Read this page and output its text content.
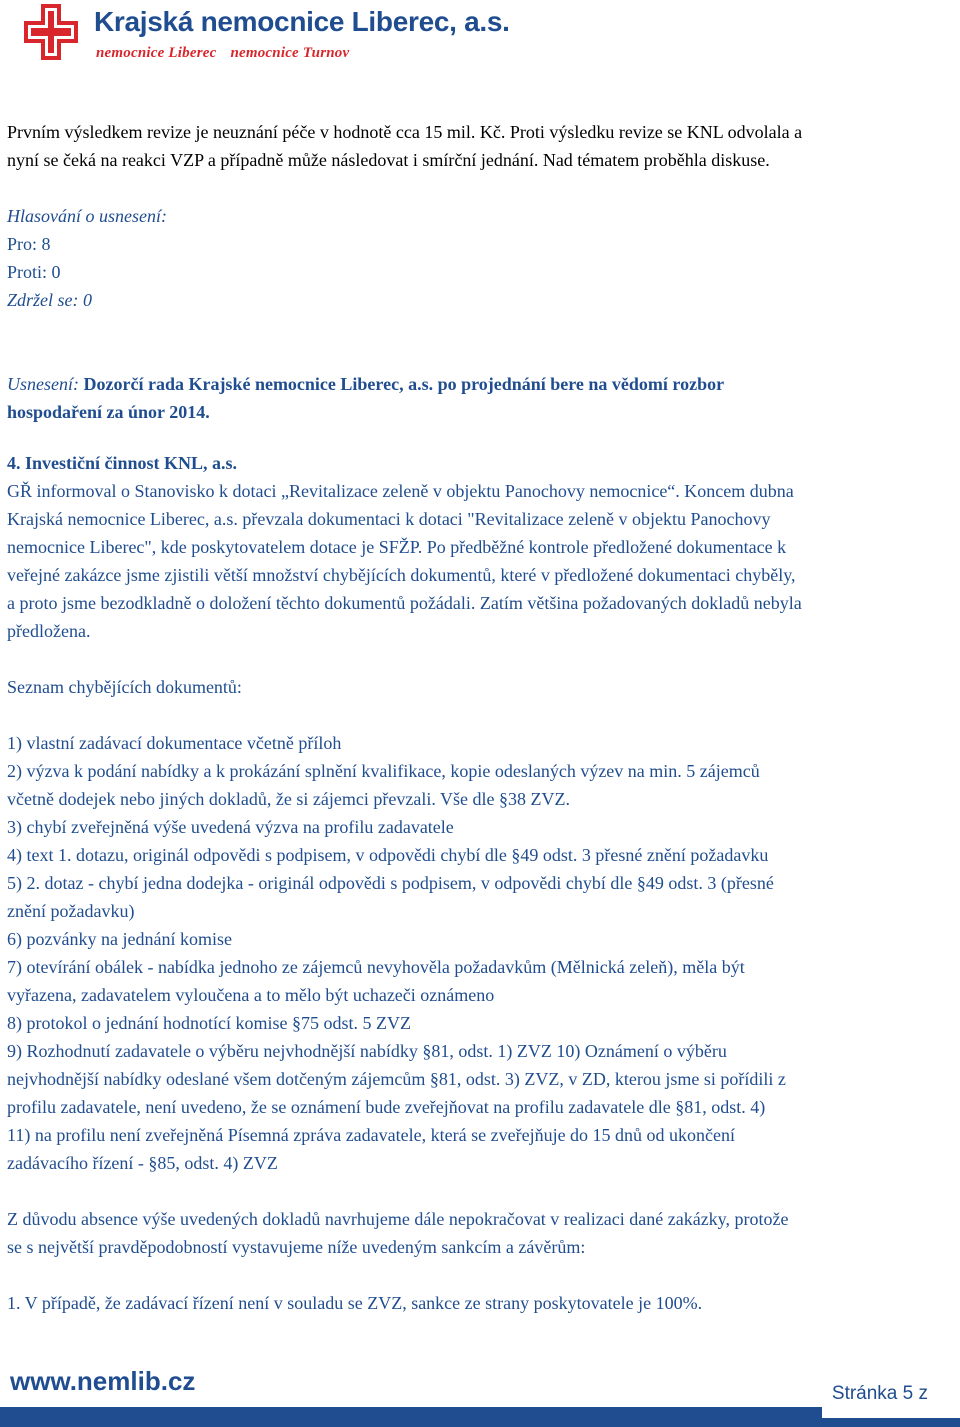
Krajská nemocnice Liberec, a.s.
nemocnice Liberec nemocnice Turnov

Prvním výsledkem revize je neuznání péče v hodnotě cca 15 mil. Kč. Proti výsledku revize se KNL odvolala a

nyní se čeká na reakci VZP a případně může následovat i smírční jednání. Nad tématem proběhla diskuse.

Hlasování o usnesení:

Pro: 8

Proti: 0

Zdržel se: 0

Usnesení: Dozorčí rada Krajské nemocnice Liberec, a.s. po projednání bere na vědomí rozbor

hospodaření za únor 2014.

4. Investiční činnost KNL, a.s.

GŘ informoval o Stanovisko k dotaci „Revitalizace zeleně v objektu Panochovy nemocnice“. Koncem dubna

Krajská nemocnice Liberec, a.s. převzala dokumentaci k dotaci "Revitalizace zeleně v objektu Panochovy

nemocnice Liberec", kde poskytovatelem dotace je SFŽP. Po předběžné kontrole předložené dokumentace k

veřejné zakázce jsme zjistili větší množství chybějících dokumentů, které v předložené dokumentaci chyběly,

a proto jsme bezodkladně o doložení těchto dokumentů požádali. Zatím většina požadovaných dokladů nebyla

předložena.

Seznam chybějících dokumentů:

1) vlastní zadávací dokumentace včetně příloh

2) výzva k podání nabídky a k prokázání splnění kvalifikace, kopie odeslaných výzev na min. 5 zájemců

včetně dodejek nebo jiných dokladů, že si zájemci převzali. Vše dle §38 ZVZ.

3) chybí zveřejněná výše uvedená výzva na profilu zadavatele

4) text 1. dotazu, originál odpovědi s podpisem, v odpovědi chybí dle §49 odst. 3 přesné znění požadavku

5) 2. dotaz - chybí jedna dodejka - originál odpovědi s podpisem, v odpovědi chybí dle §49 odst. 3 (přesné

znění požadavku)

6) pozvánky na jednání komise

7) otevírání obálek - nabídka jednoho ze zájemců nevyhověla požadavkům (Mělnická zeleň), měla být

vyřazena, zadavatelem vyloučena a to mělo být uchazeči oznámeno

8) protokol o jednání hodnotící komise §75 odst. 5 ZVZ

9) Rozhodnutí zadavatele o výběru nejvhodnější nabídky §81, odst. 1) ZVZ 10) Oznámení o výběru

nejvhodnější nabídky odeslané všem dotčeným zájemcům §81, odst. 3) ZVZ, v ZD, kterou jsme si pořídili z

profilu zadavatele, není uvedeno, že se oznámení bude zveřejňovat na profilu zadavatele dle §81, odst. 4)

11) na profilu není zveřejněná Písemná zpráva zadavatele, která se zveřejňuje do 15 dnů od ukončení

zadávacího řízení - §85, odst. 4) ZVZ

Z důvodu absence výše uvedených dokladů navrhujeme dále nepokračovat v realizaci dané zakázky, protože

se s největší pravděpodobností vystavujeme níže uvedeným sankcím a závěrům:

1. V případě, že zadávací řízení není v souladu se ZVZ, sankce ze strany poskytovatele je 100%.

www.nemlib.cz	Stránka 5 z
